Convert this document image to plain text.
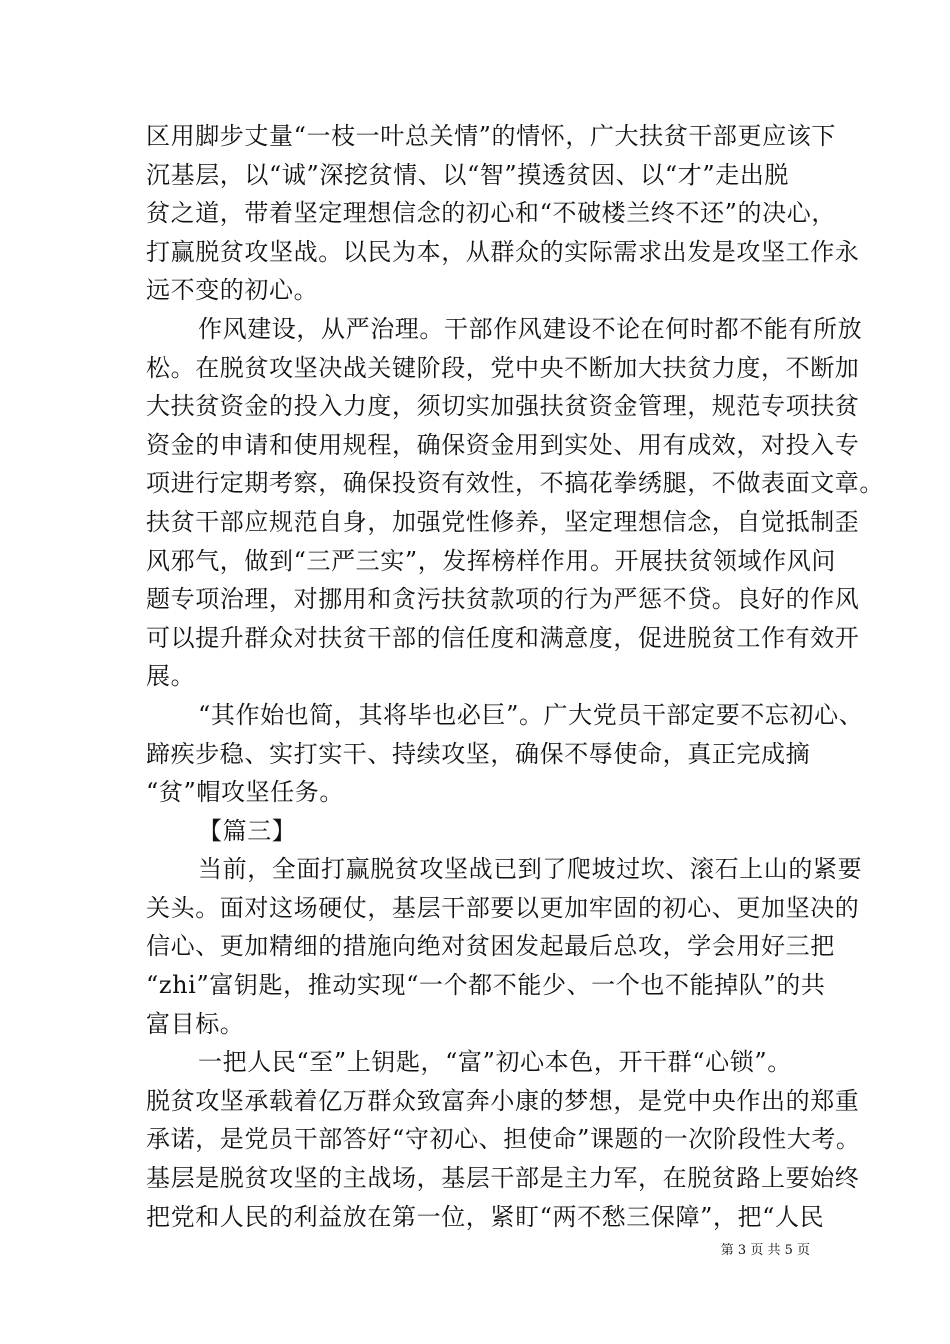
区用脚步丈量“一枝一叶总关情”的情怀，广大扶贫干部更应该下
沉基层，以“诚”深挖贫情、以“智”摸透贫因、以“才”走出脱
贫之道，带着坚定理想信念的初心和“不破楼兰终不还”的决心，
打赢脱贫攻坚战。以民为本，从群众的实际需求出发是攻坚工作永
远不变的初心。
作风建设，从严治理。干部作风建设不论在何时都不能有所放
松。在脱贫攻坚决战关键阶段，党中央不断加大扶贫力度，不断加
大扶贫资金的投入力度，须切实加强扶贫资金管理，规范专项扶贫
资金的申请和使用规程，确保资金用到实处、用有成效，对投入专
项进行定期考察，确保投资有效性，不搞花拳绣腿，不做表面文章。
扶贫干部应规范自身，加强党性修养，坚定理想信念，自觉抵制歪
风邪气，做到“三严三实”，发挥榜样作用。开展扶贫领域作风问
题专项治理，对挪用和贪污扶贫款项的行为严惩不贷。良好的作风
可以提升群众对扶贫干部的信任度和满意度，促进脱贫工作有效开
展。
“其作始也简，其将毕也必巨”。广大党员干部定要不忘初心、
蹄疾步稳、实打实干、持续攻坚，确保不辱使命，真正完成摘
“贫”帽攻坚任务。
【篇三】
当前，全面打赢脱贫攻坚战已到了爬坡过坎、滚石上山的紧要
关头。面对这场硬仗，基层干部要以更加牢固的初心、更加坚决的
信心、更加精细的措施向绝对贫困发起最后总攻，学会用好三把
“zhi”富钥匙，推动实现“一个都不能少、一个也不能掉队”的共
富目标。
一把人民“至”上钥匙，“富”初心本色，开干群“心锁”。
脱贫攻坚承载着亿万群众致富奔小康的梦想，是党中央作出的郑重
承诺，是党员干部答好“守初心、担使命”课题的一次阶段性大考。
基层是脱贫攻坚的主战场，基层干部是主力军，在脱贫路上要始终
把党和人民的利益放在第一位，紧盯“两不愁三保障”，把“人民
第 3 页 共 5 页
